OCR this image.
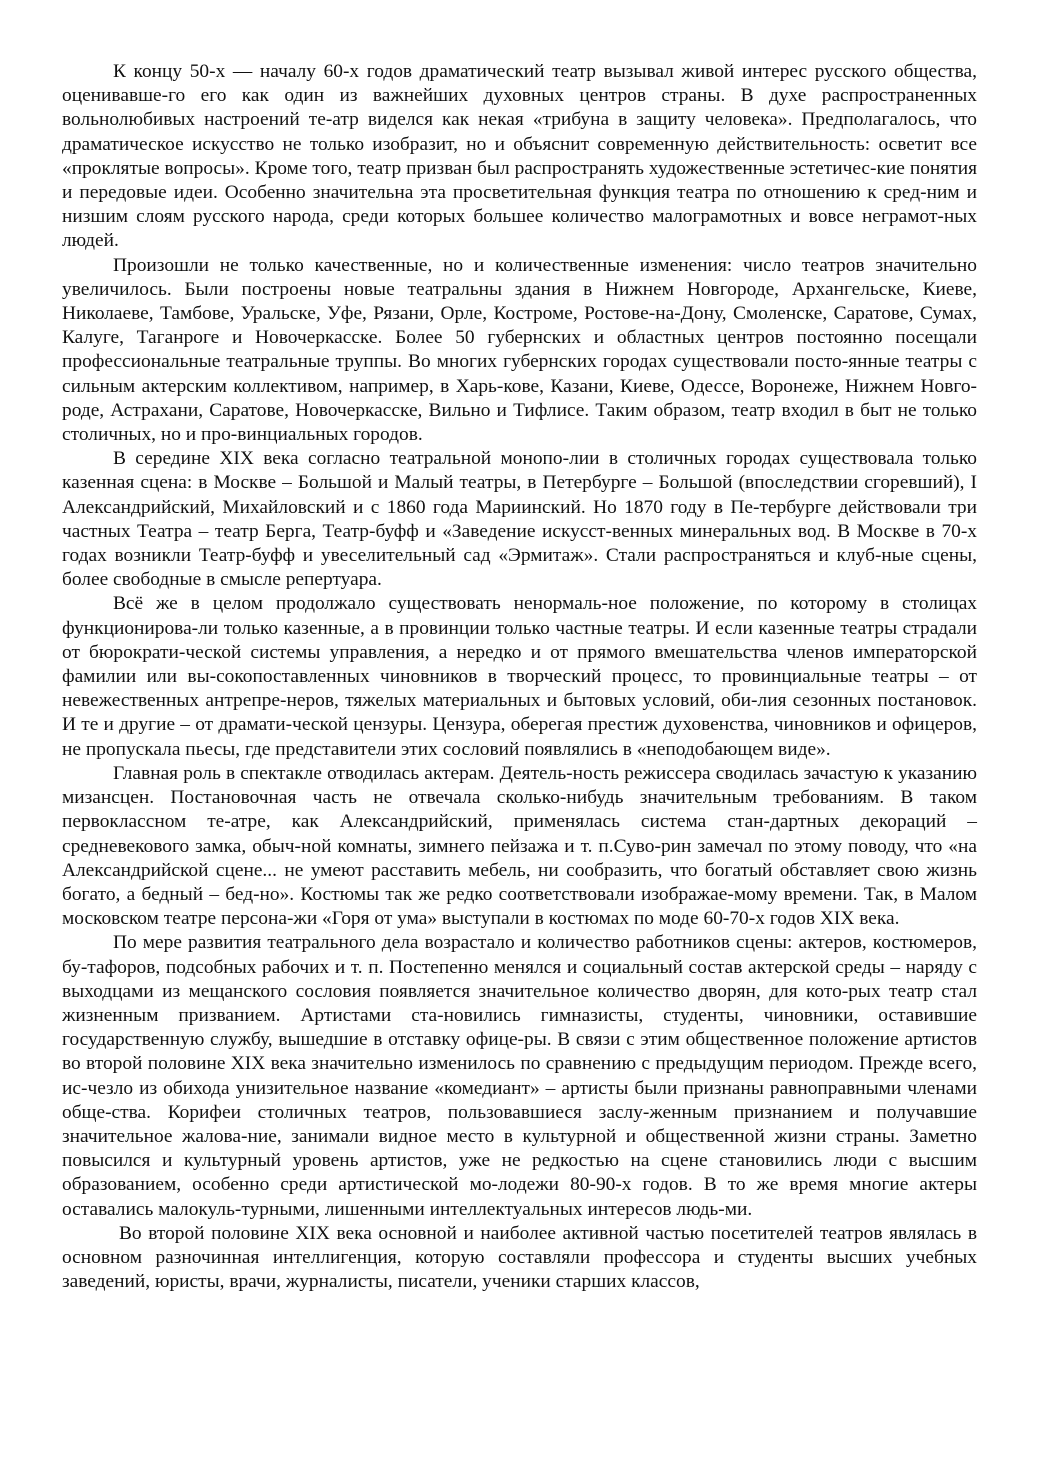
К концу 50-х — началу 60-х годов драматический театр вызывал живой интерес русского общества, оценивавше-го его как один из важнейших духовных центров страны. В духе распространенных вольнолюбивых настроений те-атр виделся как некая «трибуна в защиту человека». Предполагалось, что драматическое искусство не только изобразит, но и объяснит современную действительность: осветит все «проклятые вопросы». Кроме того, театр призван был распространять художественные эстетичес-кие понятия и передовые идеи. Особенно значительна эта просветительная функция театра по отношению к сред-ним и низшим слоям русского народа, среди которых большее количество малограмотных и вовсе неграмот-ных людей.

Произошли не только качественные, но и количественные изменения: число театров значительно увеличилось. Были построены новые театральны здания в Нижнем Новгороде, Архангельске, Киеве, Николаеве, Тамбове, Уральске, Уфе, Рязани, Орле, Костроме, Ростове-на-Дону, Смоленске, Саратове, Сумах, Калуге, Таганроге и Новочеркасске. Более 50 губернских и областных центров постоянно посещали профессиональные театральные труппы. Во многих губернских городах существовали посто-янные театры с сильным актерским коллективом, например, в Харь-кове, Казани, Киеве, Одессе, Воронеже, Нижнем Новго-роде, Астрахани, Саратове, Новочеркасске, Вильно и Тифлисе. Таким образом, театр входил в быт не только столичных, но и про-винциальных городов.

В середине XIX века согласно театральной монопо-лии в столичных городах существовала только казенная сцена: в Москве – Большой и Малый театры, в Петербурге – Большой (впоследствии сгоревший), I Александрийский, Михайловский и с 1860 года Мариинский. Но 1870 году в Пе-тербурге действовали три частных Театра – театр Берга, Театр-буфф и «Заведение искусст-венных минеральных вод. В Москве в 70-х годах возникли Театр-буфф и увеселительный сад «Эрмитаж». Стали распространяться и клуб-ные сцены, более свободные в смысле репертуара.

Всё же в целом продолжало существовать ненормаль-ное положение, по которому в столицах функционирова-ли только казенные, а в провинции только частные театры. И если казенные театры страдали от бюрократи-ческой системы управления, а нередко и от прямого вмешательства членов императорской фамилии или вы-сокопоставленных чиновников в творческий процесс, то провинциальные театры – от невежественных антрепре-неров, тяжелых материальных и бытовых условий, оби-лия сезонных постановок. И те и другие – от драмати-ческой цензуры. Цензура, оберегая престиж духовенства, чиновников и офицеров, не пропускала пьесы, где представители этих сословий появлялись в «неподобающем виде».

Главная роль в спектакле отводилась актерам. Деятель-ность режиссера сводилась зачастую к указанию мизансцен. Постановочная часть не отвечала сколько-нибудь значительным требованиям. В таком первоклассном те-атре, как Александрийский, применялась система стан-дартных декораций – средневекового замка, обыч-ной комнаты, зимнего пейзажа и т. п.Суво-рин замечал по этому поводу, что «на Александрийской сцене... не умеют расставить мебель, ни сообразить, что богатый обставляет свою жизнь богато, а бедный – бед-но». Костюмы так же редко соответствовали изображае-мому времени. Так, в Малом московском театре персона-жи «Горя от ума» выступали в костюмах по моде 60-70-х годов XIX века.

По мере развития театрального дела возрастало и количество работников сцены: актеров, костюмеров, бу-тафоров, подсобных рабочих и т. п. Постепенно менялся и социальный состав актерской среды – наряду с выходцами из мещанского сословия появляется значительное количество дворян, для кото-рых театр стал жизненным призванием. Артистами ста-новились гимназисты, студенты, чиновники, оставившие государственную службу, вышедшие в отставку офице-ры. В связи с этим общественное положение артистов во второй половине XIX века значительно изменилось по сравнению с предыдущим периодом. Прежде всего, ис-чезло из обихода унизительное название «комедиант» – артисты были признаны равноправными членами обще-ства. Корифеи столичных театров, пользовавшиеся заслу-женным признанием и получавшие значительное жалова-ние, занимали видное место в культурной и общественной жизни страны. Заметно повысился и культурный уровень артистов, уже не редкостью на сцене становились люди с высшим образованием, особенно среди артистической мо-лодежи 80-90-х годов. В то же время многие актеры оставались малокуль-турными, лишенными интеллектуальных интересов людь-ми.

Во второй половине XIX века основной и наиболее активной частью посетителей театров являлась в основном разночинная интеллигенция, которую составляли профессора и студенты высших учебных заведений, юристы, врачи, журналисты, писатели, ученики старших классов,
